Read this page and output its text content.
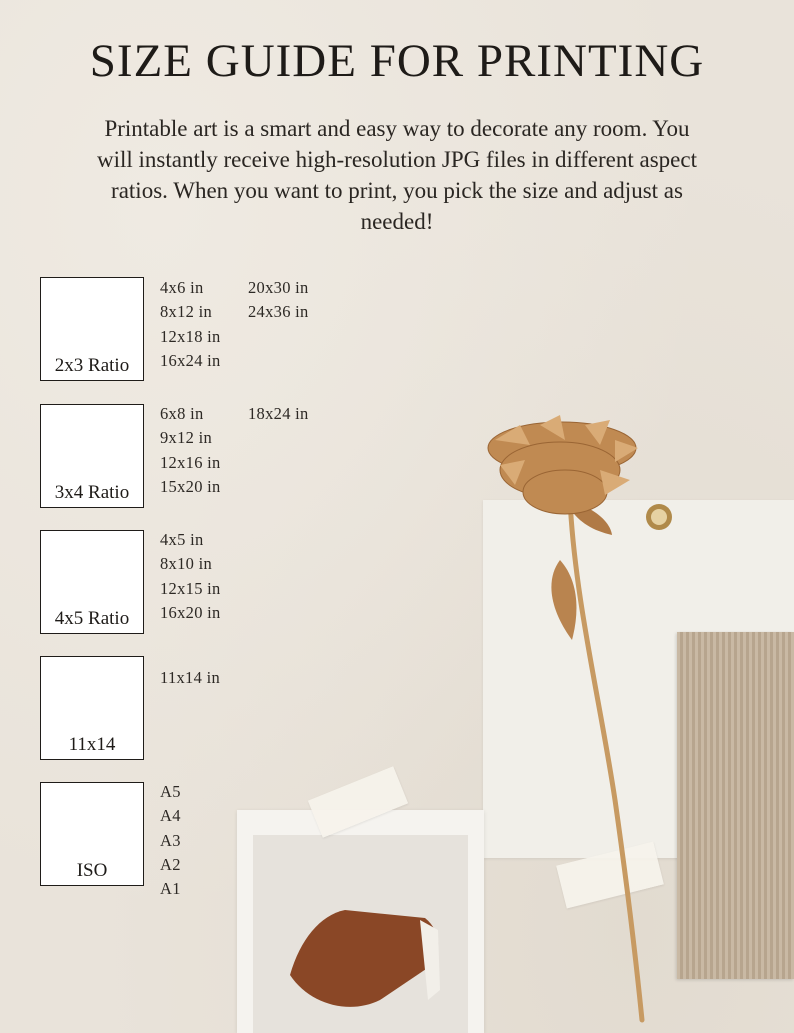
SIZE GUIDE FOR PRINTING
Printable art is a smart and easy way to decorate any room. You will instantly receive high-resolution JPG files in different aspect ratios. When you want to print, you pick the size and adjust as needed!
2x3 Ratio
4x6 in
8x12 in
12x18 in
16x24 in
20x30 in
24x36 in
3x4 Ratio
6x8 in
9x12 in
12x16 in
15x20 in
18x24 in
4x5 Ratio
4x5 in
8x10 in
12x15 in
16x20 in
11x14
11x14 in
ISO
A5
A4
A3
A2
A1
